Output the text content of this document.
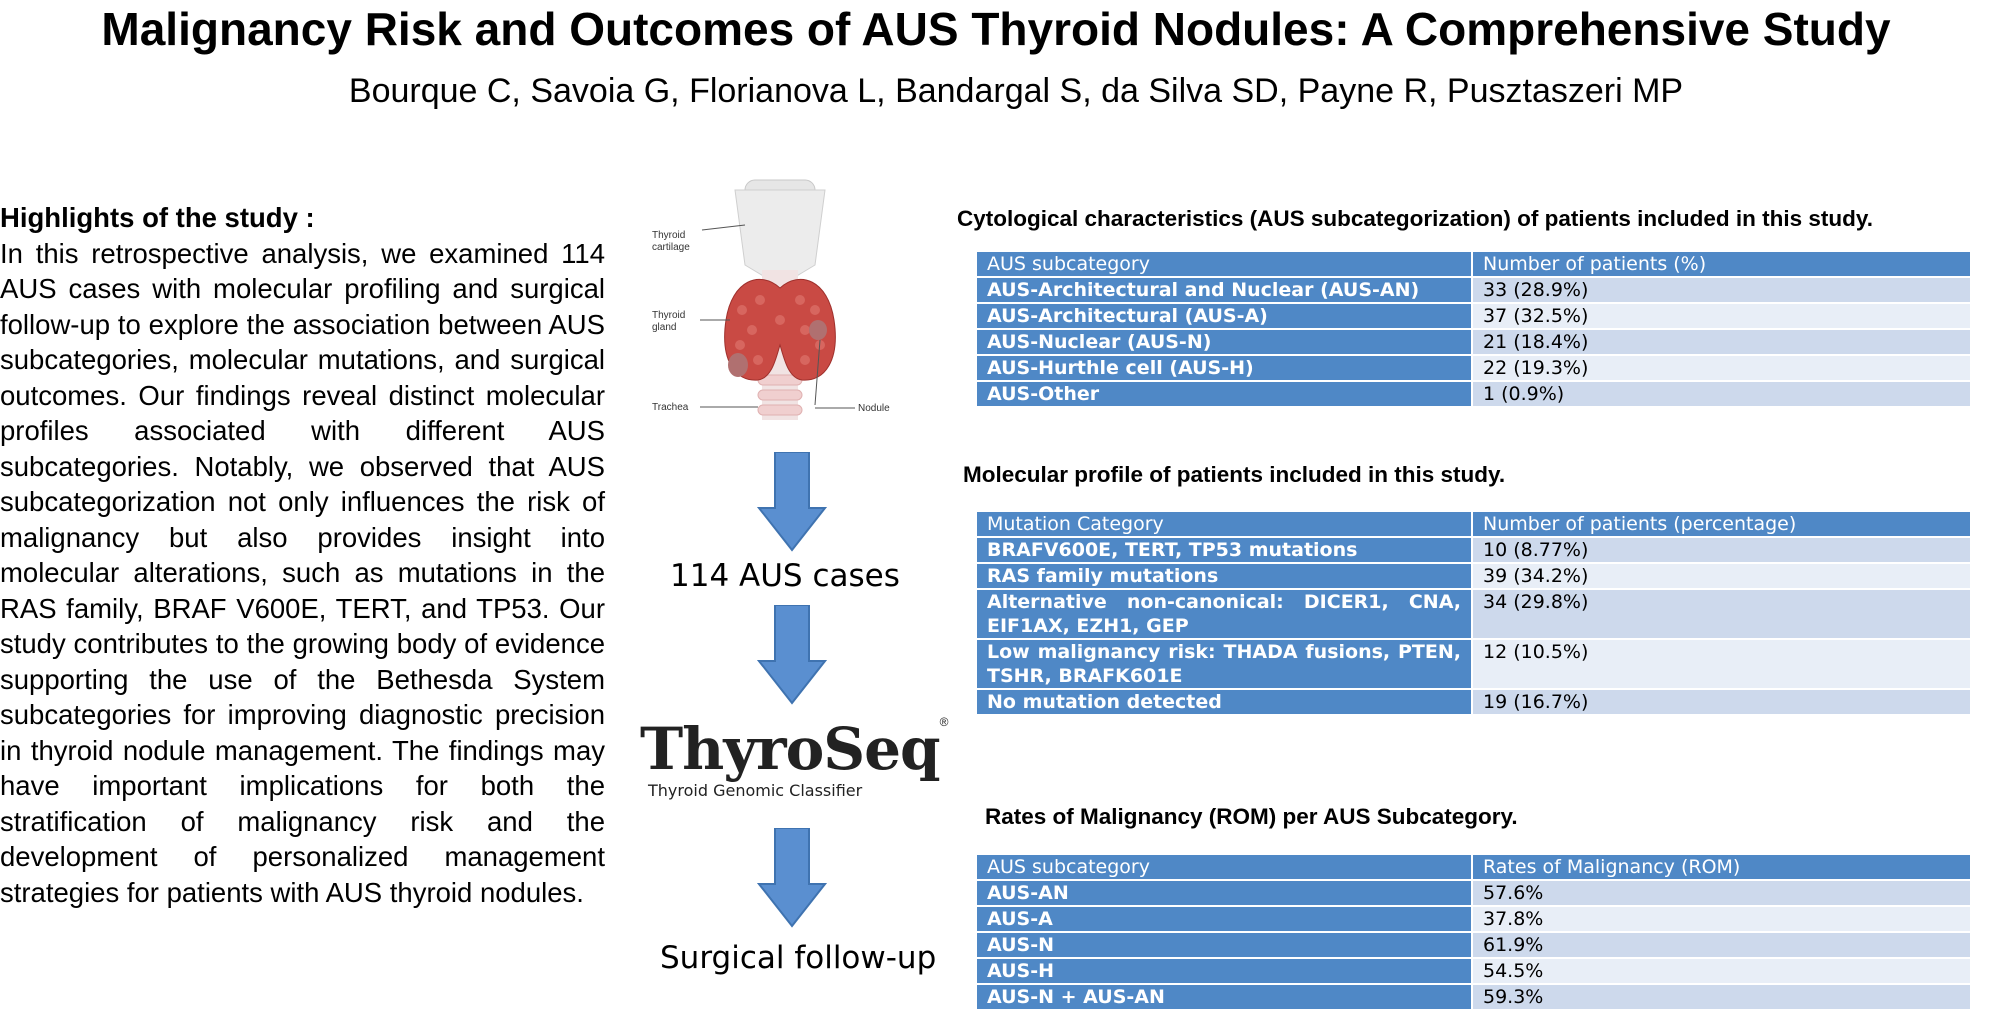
Malignancy Risk and Outcomes of AUS Thyroid Nodules: A Comprehensive Study
Bourque C, Savoia G, Florianova L, Bandargal S, da Silva SD, Payne R, Pusztaszeri MP
Highlights of the study :
In this retrospective analysis, we examined 114 AUS cases with molecular profiling and surgical follow-up to explore the association between AUS subcategories, molecular mutations, and surgical outcomes. Our findings reveal distinct molecular profiles associated with different AUS subcategories. Notably, we observed that AUS subcategorization not only influences the risk of malignancy but also provides insight into molecular alterations, such as mutations in the RAS family, BRAF V600E, TERT, and TP53. Our study contributes to the growing body of evidence supporting the use of the Bethesda System subcategories for improving diagnostic precision in thyroid nodule management. The findings may have important implications for both the stratification of malignancy risk and the development of personalized management strategies for patients with AUS thyroid nodules.
Thyroid cartilage
Thyroid gland
Trachea	Nodule
114 AUS cases
ThyroSeq®
Thyroid Genomic Classifier
Surgical follow-up
Cytological characteristics (AUS subcategorization) of patients included in this study.
AUS subcategory	Number of patients (%)
AUS-Architectural and Nuclear (AUS-AN)	33 (28.9%)
AUS-Architectural (AUS-A)	37 (32.5%)
AUS-Nuclear (AUS-N)	21 (18.4%)
AUS-Hurthle cell (AUS-H)	22 (19.3%)
AUS-Other	1 (0.9%)
Molecular profile of patients included in this study.
Mutation Category	Number of patients (percentage)
BRAFV600E, TERT, TP53 mutations	10 (8.77%)
RAS family mutations	39 (34.2%)
Alternative non-canonical: DICER1, CNA, EIF1AX, EZH1, GEP	34 (29.8%)
Low malignancy risk: THADA fusions, PTEN, TSHR, BRAFK601E	12 (10.5%)
No mutation detected	19 (16.7%)
Rates of Malignancy (ROM) per AUS Subcategory.
AUS subcategory	Rates of Malignancy (ROM)
AUS-AN	57.6%
AUS-A	37.8%
AUS-N	61.9%
AUS-H	54.5%
AUS-N + AUS-AN	59.3%
